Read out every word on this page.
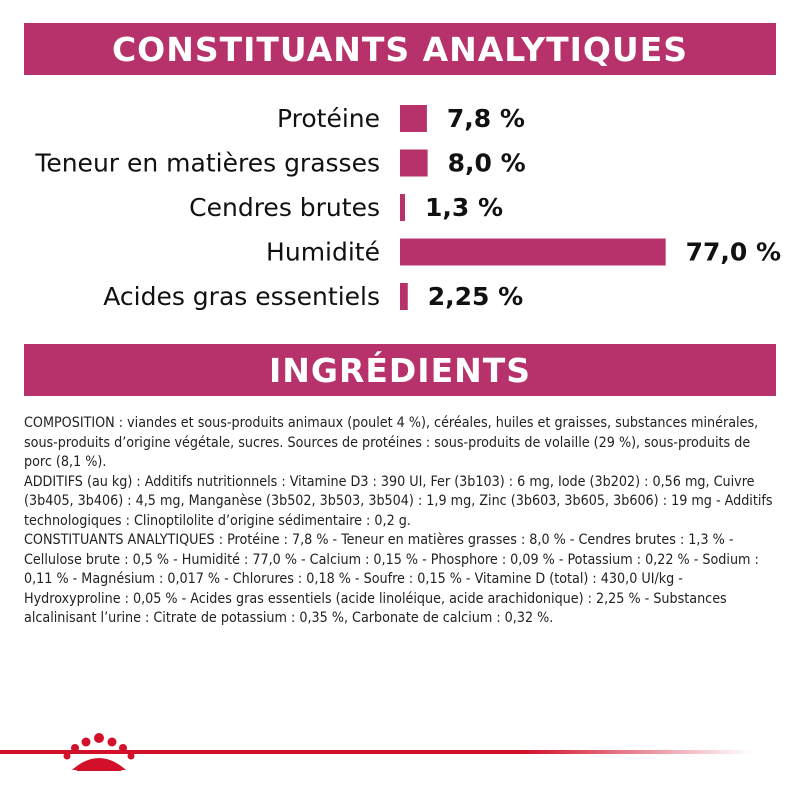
CONSTITUANTS ANALYTIQUES
Protéine	7,8 %
Teneur en matières grasses	8,0 %
Cendres brutes 1,3 %
Humidité	77,0 %
Acides gras essentiels 2,25 %
INGRÉDIENTS

COMPOSITION : viandes et sous-produits animaux (poulet 4 %), céréales, huiles et graisses, substances minérales, sous-produits d’origine végétale, sucres. Sources de protéines : sous-produits de volaille (29 %), sous-produits de porc (8,1 %).

ADDITIFS (au kg) : Additifs nutritionnels : Vitamine D3 : 390 UI, Fer (3b103) : 6 mg, Iode (3b202) : 0,56 mg, Cuivre (3b405, 3b406) : 4,5 mg, Manganèse (3b502, 3b503, 3b504) : 1,9 mg, Zinc (3b603, 3b605, 3b606) : 19 mg - Additifs technologiques : Clinoptilolite d’origine sédimentaire : 0,2 g.

CONSTITUANTS ANALYTIQUES : Protéine : 7,8 % - Teneur en matières grasses : 8,0 % - Cendres brutes : 1,3 % - Cellulose brute : 0,5 % - Humidité : 77,0 % - Calcium : 0,15 % - Phosphore : 0,09 % - Potassium : 0,22 % - Sodium : 0,11 % - Magnésium : 0,017 % - Chlorures : 0,18 % - Soufre : 0,15 % - Vitamine D (total) : 430,0 UI/kg - Hydroxyproline : 0,05 % - Acides gras essentiels (acide linoléique, acide arachidonique) : 2,25 % - Substances alcalinisant l’urine : Citrate de potassium : 0,35 %, Carbonate de calcium : 0,32 %.
